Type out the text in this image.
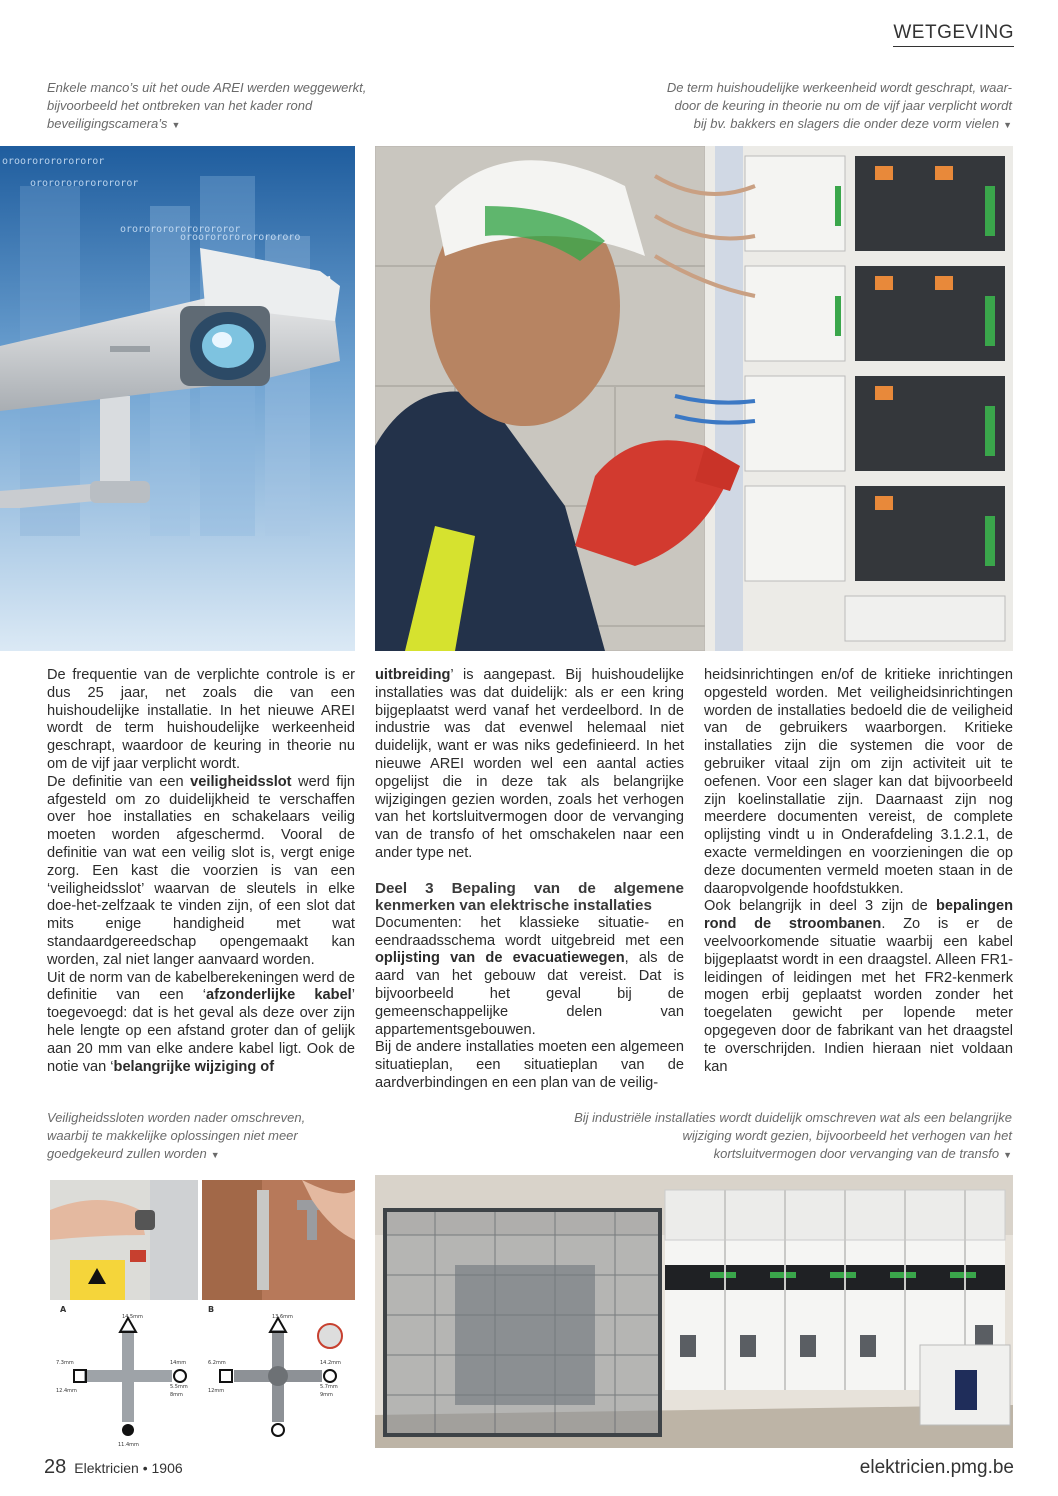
WETGEVING
Enkele manco’s uit het oude AREI werden weggewerkt,
bijvoorbeeld het ontbreken van het kader rond
beveiligingscamera’s ▼
De term huishoudelijke werkeenheid wordt geschrapt, waar-
door de keuring in theorie nu om de vijf jaar verplicht wordt
bij bv. bakkers en slagers die onder deze vorm vielen ▼
oroororororororor
ororororororororor
orororororororororor
oroororororororororo

De frequentie van de verplichte controle is er dus 25 jaar, net zoals die van een huishoudelijke installatie. In het nieuwe AREI wordt de term huishoudelijke werkeenheid geschrapt, waardoor de keuring in theorie nu om de vijf jaar verplicht wordt.

De definitie van een veiligheidsslot werd fijn afgesteld om zo duidelijkheid te verschaffen over hoe installaties en schakelaars veilig moeten worden afgeschermd. Vooral de definitie van wat een veilig slot is, vergt enige zorg. Een kast die voorzien is van een ‘veiligheidsslot’ waarvan de sleutels in elke doe-het-zelfzaak te vinden zijn, of een slot dat mits enige handigheid met wat standaardgereedschap opengemaakt kan worden, zal niet langer aanvaard worden.

Uit de norm van de kabelberekeningen werd de definitie van een ‘afzonderlijke kabel’ toegevoegd: dat is het geval als deze over zijn hele lengte op een afstand groter dan of gelijk aan 20 mm van elke andere kabel ligt. Ook de notie van ‘belangrijke wijziging of

uitbreiding’ is aangepast. Bij huishoudelijke installaties was dat duidelijk: als er een kring bijgeplaatst werd vanaf het verdeelbord. In de industrie was dat evenwel helemaal niet duidelijk, want er was niks gedefinieerd. In het nieuwe AREI worden wel een aantal acties opgelijst die in deze tak als belangrijke wijzigingen gezien worden, zoals het verhogen van het kortsluitvermogen door de vervanging van de transfo of het omschakelen naar een ander type net.

Deel 3 Bepaling van de algemene kenmerken van elektrische installaties

Documenten: het klassieke situatie- en eendraadsschema wordt uitgebreid met een oplijsting van de evacuatiewegen, als de aard van het gebouw dat vereist. Dat is bijvoorbeeld het geval bij de gemeenschappelijke delen van appartementsgebouwen.

Bij de andere installaties moeten een algemeen situatieplan, een situatieplan van de aardverbindingen en een plan van de veilig-

heidsinrichtingen en/of de kritieke inrichtingen opgesteld worden. Met veiligheidsinrichtingen worden de installaties bedoeld die de veiligheid van de gebruikers waarborgen. Kritieke installaties zijn die systemen die voor de gebruiker vitaal zijn om zijn activiteit uit te oefenen. Voor een slager kan dat bijvoorbeeld zijn koelinstallatie zijn. Daarnaast zijn nog meerdere documenten vereist, de complete oplijsting vindt u in Onderafdeling 3.1.2.1, de exacte vermeldingen en voorzieningen die op deze documenten vermeld moeten staan in de daaropvolgende hoofdstukken.

Ook belangrijk in deel 3 zijn de bepalingen rond de stroombanen. Zo is er de veelvoorkomende situatie waarbij een kabel bijgeplaatst wordt in een draagstel. Alleen FR1-leidingen of leidingen met het FR2-kenmerk mogen erbij geplaatst worden zonder het toegelaten gewicht per lopende meter opgegeven door de fabrikant van het draagstel te overschrijden. Indien hieraan niet voldaan kan

Veiligheidssloten worden nader omschreven,
waarbij te makkelijke oplossingen niet meer
goedgekeurd zullen worden ▼
Bij industriële installaties wordt duidelijk omschreven wat als een belangrijke
wijziging wordt gezien, bijvoorbeeld het verhogen van het
kortsluitvermogen door vervanging van de transfo ▼
A	B
14.5mm
7.3mm
12.4mm
14mm
5.5mm
8mm
11.4mm
13.6mm
6.2mm
12mm
14.2mm
5.7mm
9mm
28 Elektricien • 1906	elektricien.pmg.be
